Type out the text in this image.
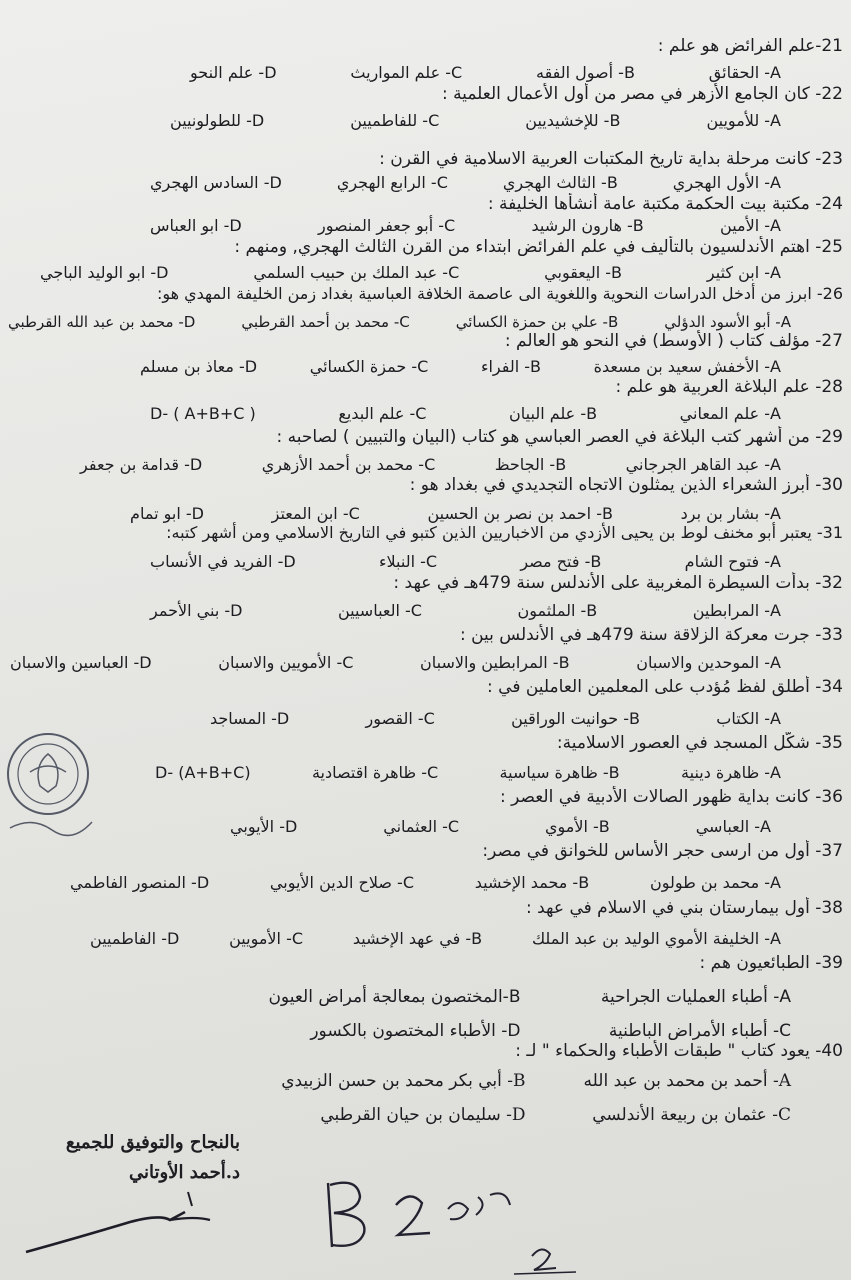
21-علم الفرائض هو علم :
A- الحقائق
B- أصول الفقه
C- علم المواريث
D- علم النحو
22- كان الجامع الأزهر في مصر من أول الأعمال العلمية :
A- للأمويين
B- للإخشيديين
C- للفاطميين
D- للطولونيين
23- كانت مرحلة بداية تاريخ المكتبات العربية الاسلامية في القرن :
A- الأول الهجري
B- الثالث الهجري
C- الرابع الهجري
D- السادس الهجري
24- مكتبة بيت الحكمة مكتبة عامة أنشأها الخليفة :
A- الأمين
B- هارون الرشيد
C- أبو جعفر المنصور
D- ابو العباس
25- اهتم الأندلسيون بالتأليف في علم الفرائض ابتداء من القرن الثالث الهجري, ومنهم :
A- ابن كثير
B- اليعقوبي
C- عبد الملك بن حبيب السلمي
D- ابو الوليد الباجي
26- ابرز من أدخل الدراسات النحوية واللغوية الى عاصمة الخلافة العباسية بغداد زمن الخليفة المهدي هو:
A- أبو الأسود الدؤلي
B- علي بن حمزة الكسائي
C- محمد بن أحمد القرطبي
D- محمد بن عبد الله القرطبي
27- مؤلف كتاب ( الأوسط) في النحو هو العالم :
A- الأخفش سعيد بن مسعدة
B- الفراء
C- حمزة الكسائي
D- معاذ بن مسلم
28- علم البلاغة العربية هو علم :
A- علم المعاني
B- علم البيان
C- علم البديع
D- ( A+B+C )
29- من أشهر كتب البلاغة في العصر العباسي هو كتاب (البيان والتبيين ) لصاحبه :
A- عبد القاهر الجرجاني
B- الجاحظ
C- محمد بن أحمد الأزهري
D- قدامة بن جعفر
30- أبرز الشعراء الذين يمثلون الاتجاه التجديدي في بغداد هو :
A- بشار بن برد
B- احمد بن نصر بن الحسين
C- ابن المعتز
D- ابو تمام
31- يعتبر أبو مخنف لوط بن يحيى الأزدي من الاخباريين الذين كتبو في التاريخ الاسلامي ومن أشهر كتبه:
A- فتوح الشام
B- فتح مصر
C- النبلاء
D- الفريد في الأنساب
32- بدأت السيطرة المغربية على الأندلس سنة 479هـ في عهد :
A- المرابطين
B- الملثمون
C- العباسيين
D- بني الأحمر
33- جرت معركة الزلاقة سنة 479هـ في الأندلس بين :
A- الموحدين والاسبان
B- المرابطين والاسبان
C- الأمويين والاسبان
D- العباسين والاسبان
34- أطلق لفظ مُؤدب على المعلمين العاملين في :
A- الكتاب
B- حوانيت الوراقين
C- القصور
D- المساجد
35- شكّل المسجد في العصور الاسلامية:
A- ظاهرة دينية
B- ظاهرة سياسية
C- ظاهرة اقتصادية
D- (A+B+C)
36- كانت بداية ظهور الصالات الأدبية في العصر :
A- العباسي
B- الأموي
C- العثماني
D- الأيوبي
37- أول من ارسى حجر الأساس للخوانق في مصر:
A- محمد بن طولون
B- محمد الإخشيد
C- صلاح الدين الأيوبي
D- المنصور الفاطمي
38- أول بيمارستان بني في الاسلام في عهد :
A- الخليفة الأموي الوليد بن عبد الملك
B- في عهد الإخشيد
C- الأمويين
D- الفاطميين
39- الطبائعيون هم :
A- أطباء العمليات الجراحية
B-المختصون بمعالجة أمراض العيون
C- أطباء الأمراض الباطنية
D- الأطباء المختصون بالكسور
40- يعود كتاب " طبقات الأطباء والحكماء " لـ :
A- أحمد بن محمد بن عبد الله
B- أبي بكر محمد بن حسن الزبيدي
C- عثمان بن ربيعة الأندلسي
D- سليمان بن حيان القرطبي
بالنجاح والتوفيق للجميع
د.أحمد الأوتاني
